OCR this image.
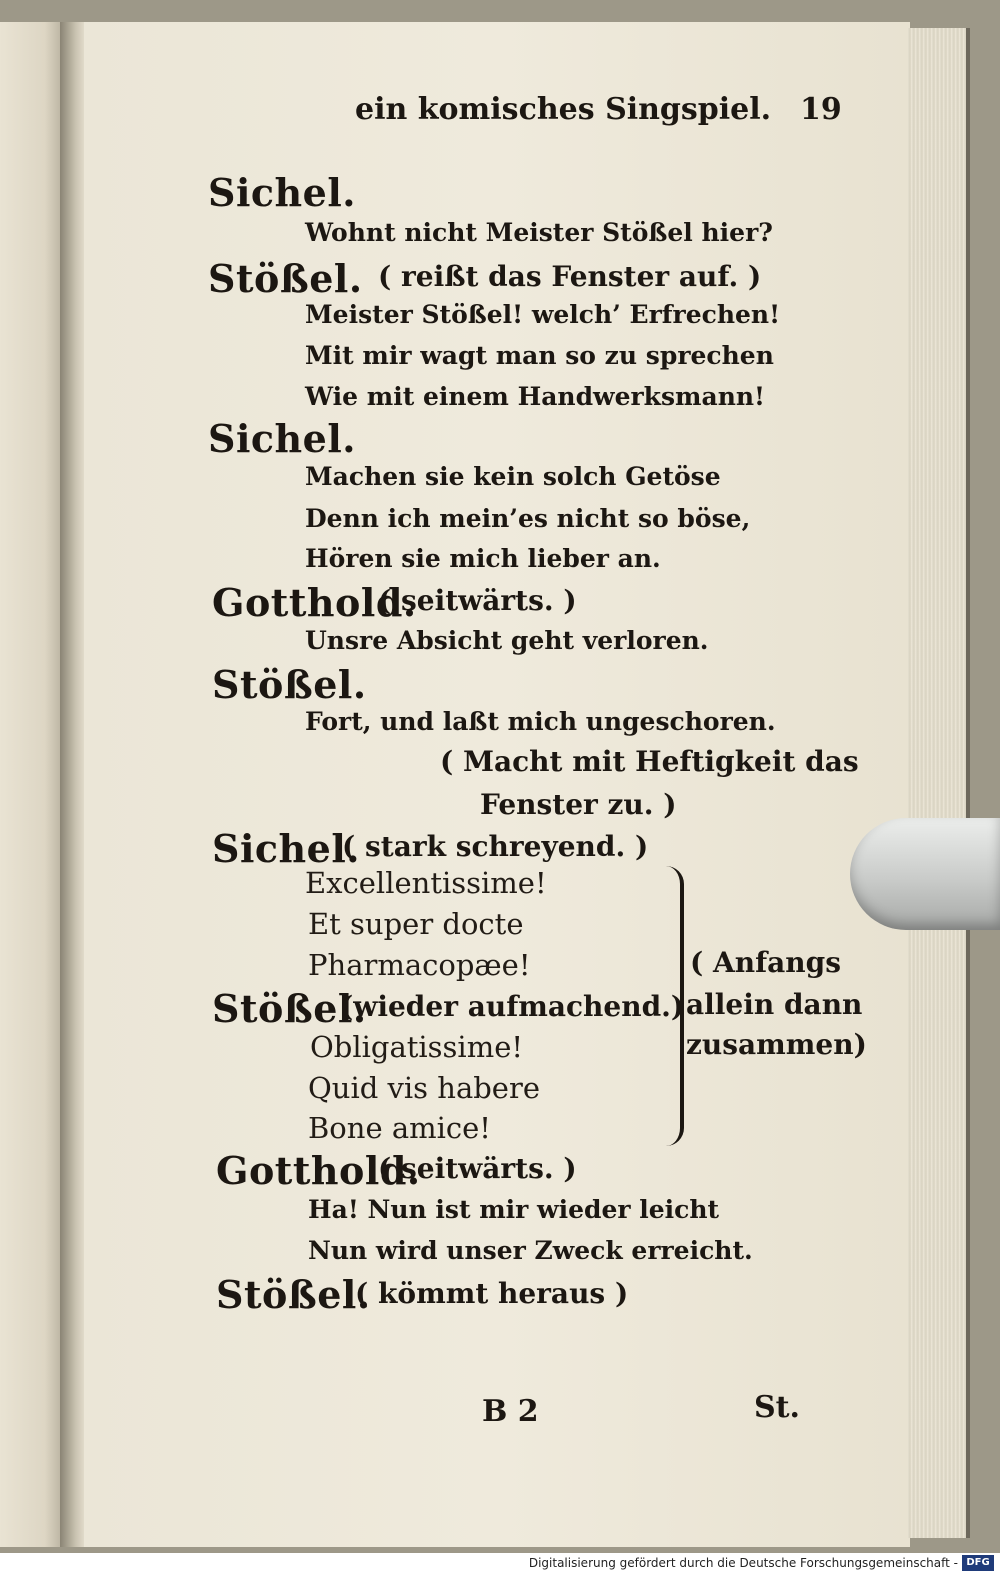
ein komisches Singspiel. 19
Sichel.
Wohnt nicht Meister Stößel hier?
Stößel. ( reißt das Fenster auf. )
Meister Stößel! welch’ Erfrechen!
Mit mir wagt man so zu sprechen
Wie mit einem Handwerksmann!
Sichel.
Machen sie kein solch Getöse
Denn ich mein’es nicht so böse,
Hören sie mich lieber an.
Gotthold.
( seitwärts. )
Unsre Absicht geht verloren.
Stößel.
Fort, und laßt mich ungeschoren.
( Macht mit Heftigkeit das
Fenster zu. )
Sichel.
( stark schreyend. )
Excellentissime!
Et super docte
Pharmacopæe!
Stößel.
(wieder aufmachend.)
Obligatissime!
Quid vis habere
Bone amice!
( Anfangs
allein dann
zusammen)
Gotthold.
( seitwärts. )
Ha! Nun ist mir wieder leicht
Nun wird unser Zweck erreicht.
Stößel.
( kömmt heraus )
B 2	St.
Digitalisierung gefördert durch die Deutsche Forschungsgemeinschaft - DFG
